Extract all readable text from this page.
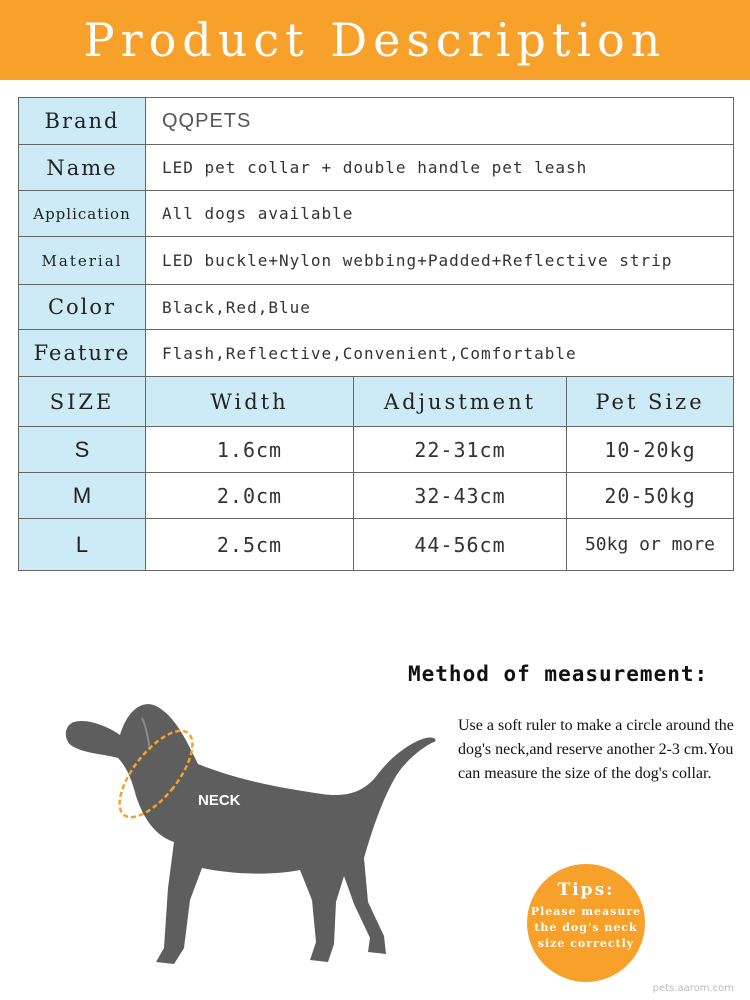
Product Description
Brand	QQPETS		
Name	LED pet collar + double handle pet leash		
Application	All dogs available		
Material	LED buckle+Nylon webbing+Padded+Reflective strip		
Color	Black,Red,Blue		
Feature	Flash,Reflective,Convenient,Comfortable		
SIZE	Width	Adjustment	Pet Size
S	1.6cm	22-31cm	10-20kg
M	2.0cm	32-43cm	20-50kg
L	2.5cm	44-56cm	50kg or more
Method of measurement:
Use a soft ruler to make a circle around the dog's neck,and reserve another 2-3 cm.You can measure the size of the dog's collar.
NECK
Tips:
Please measure the dog's neck size correctly
pets.aarom.com
